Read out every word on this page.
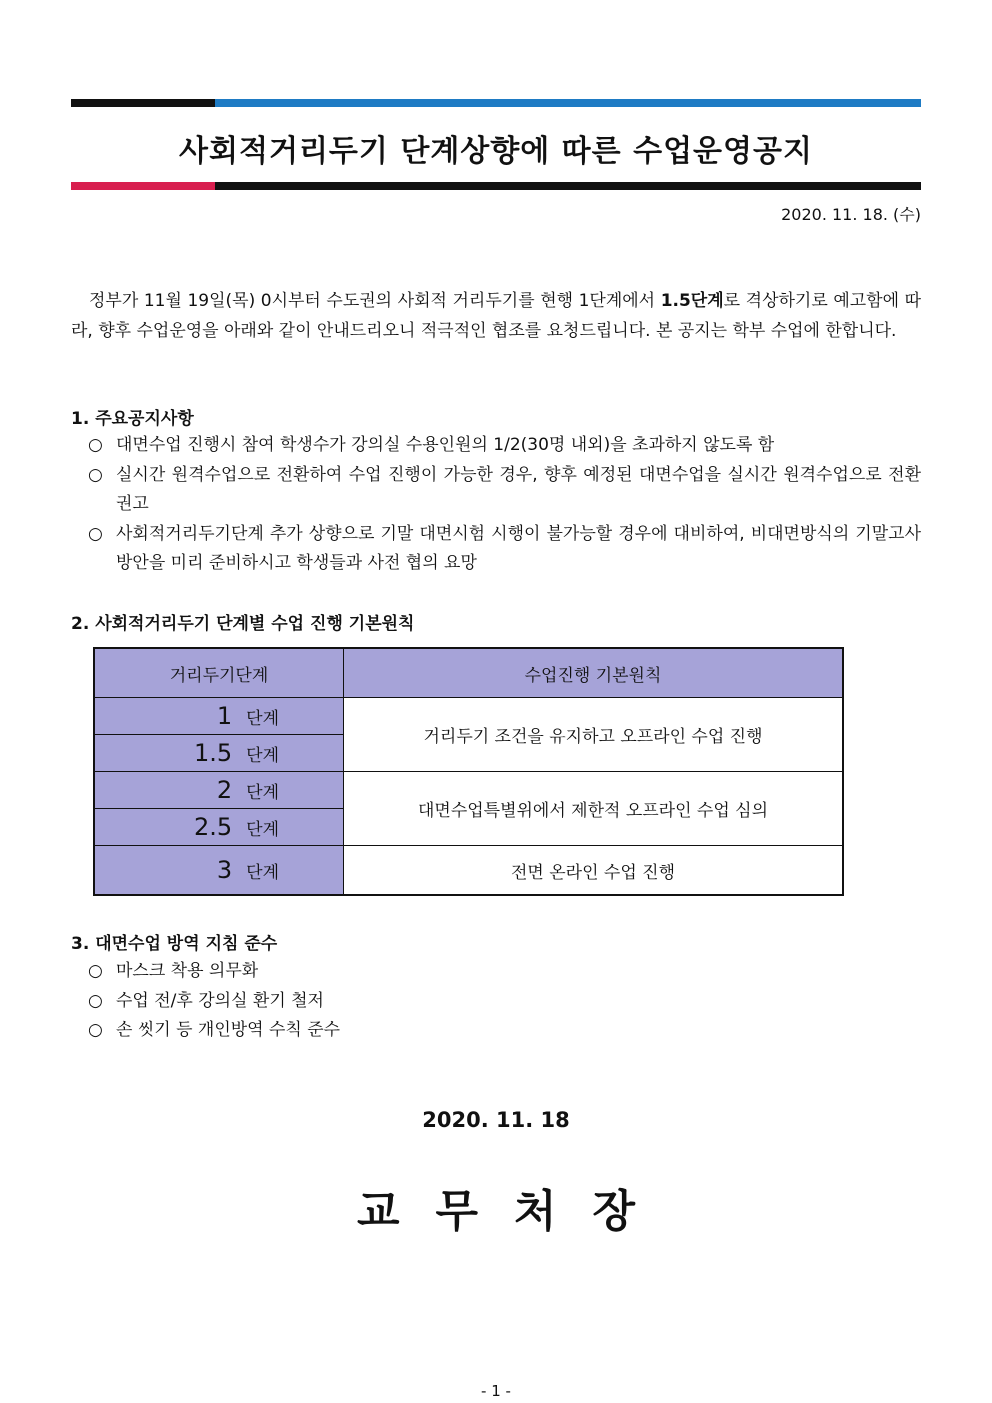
사회적거리두기 단계상향에 따른 수업운영공지
2020. 11. 18. (수)
정부가 11월 19일(목) 0시부터 수도권의 사회적 거리두기를 현행 1단계에서 1.5단계로 격상하기로 예고함에 따라, 향후 수업운영을 아래와 같이 안내드리오니 적극적인 협조를 요청드립니다. 본 공지는 학부 수업에 한합니다.
1. 주요공지사항
○ 대면수업 진행시 참여 학생수가 강의실 수용인원의 1/2(30명 내외)을 초과하지 않도록 함
○ 실시간 원격수업으로 전환하여 수업 진행이 가능한 경우, 향후 예정된 대면수업을 실시간 원격수업으로 전환 권고
○ 사회적거리두기단계 추가 상향으로 기말 대면시험 시행이 불가능할 경우에 대비하여, 비대면방식의 기말고사 방안을 미리 준비하시고 학생들과 사전 협의 요망
2. 사회적거리두기 단계별 수업 진행 기본원칙
거리두기단계	수업진행 기본원칙
1 단계	거리두기 조건을 유지하고 오프라인 수업 진행
1.5 단계	
2 단계	대면수업특별위에서 제한적 오프라인 수업 심의
2.5 단계	
3 단계	전면 온라인 수업 진행
3. 대면수업 방역 지침 준수
○ 마스크 착용 의무화
○ 수업 전/후 강의실 환기 철저
○ 손 씻기 등 개인방역 수칙 준수
2020. 11. 18
교무처장
- 1 -
